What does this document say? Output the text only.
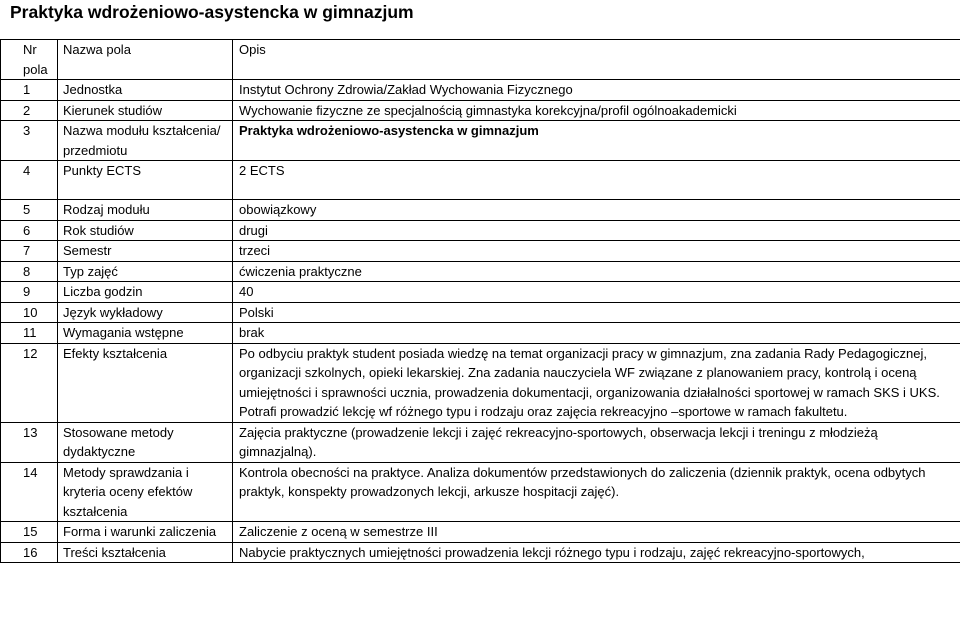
Praktyka wdrożeniowo-asystencka w gimnazjum
Nr pola	Nazwa pola	Opis
1	Jednostka	Instytut Ochrony Zdrowia/Zakład Wychowania Fizycznego
2	Kierunek studiów	Wychowanie fizyczne ze specjalnością gimnastyka korekcyjna/profil ogólnoakademicki
3	Nazwa modułu kształcenia/ przedmiotu	Praktyka wdrożeniowo-asystencka w gimnazjum
4	Punkty ECTS	2 ECTS
5	Rodzaj modułu	obowiązkowy
6	Rok studiów	drugi
7	Semestr	trzeci
8	Typ zajęć	ćwiczenia praktyczne
9	Liczba godzin	40
10	Język wykładowy	Polski
11	Wymagania wstępne	brak
12	Efekty kształcenia	Po odbyciu praktyk student posiada wiedzę na temat organizacji pracy w gimnazjum, zna zadania Rady Pedagogicznej, organizacji szkolnych, opieki lekarskiej. Zna zadania nauczyciela WF związane z planowaniem pracy, kontrolą i oceną umiejętności i sprawności ucznia, prowadzenia dokumentacji, organizowania działalności sportowej w ramach SKS i UKS. Potrafi prowadzić lekcję wf różnego typu i rodzaju oraz zajęcia rekreacyjno –sportowe w ramach fakultetu.
13	Stosowane metody dydaktyczne	Zajęcia praktyczne (prowadzenie lekcji i zajęć rekreacyjno-sportowych, obserwacja lekcji i treningu z młodzieżą gimnazjalną).
14	Metody sprawdzania i kryteria oceny efektów kształcenia	Kontrola obecności na praktyce. Analiza dokumentów przedstawionych do zaliczenia (dziennik praktyk, ocena odbytych praktyk, konspekty prowadzonych lekcji, arkusze hospitacji zajęć).
15	Forma i warunki zaliczenia	Zaliczenie z oceną w semestrze III
16	Treści kształcenia	Nabycie praktycznych umiejętności prowadzenia lekcji różnego typu i rodzaju, zajęć rekreacyjno-sportowych,
